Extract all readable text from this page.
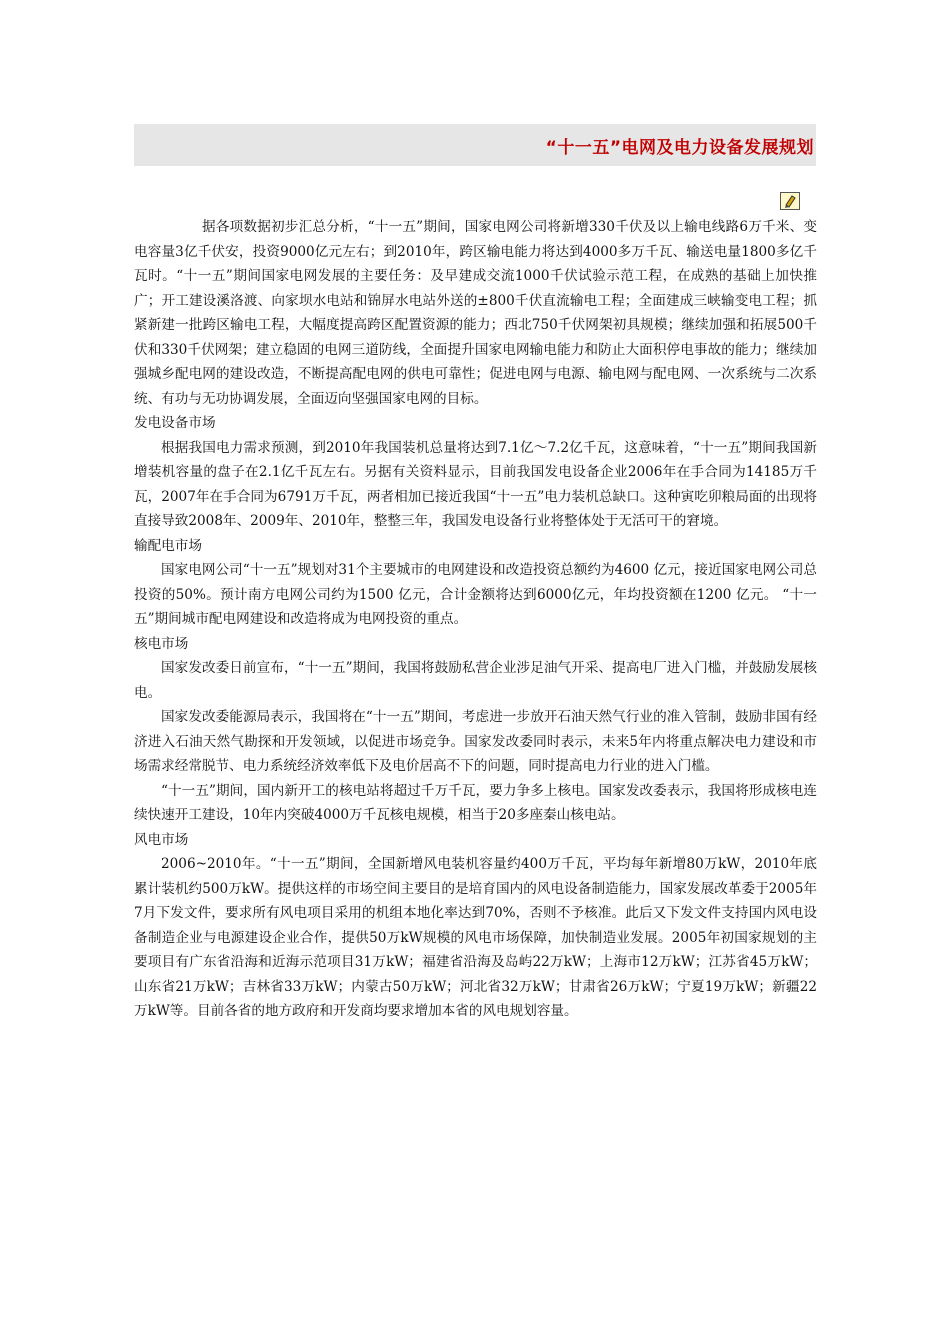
“十一五”电网及电力设备发展规划

据各项数据初步汇总分析，“十一五”期间，国家电网公司将新增330千伏及以上输电线路6万千米、变电容量3亿千伏安，投资9000亿元左右；到2010年，跨区输电能力将达到4000多万千瓦、输送电量1800多亿千瓦时。“十一五”期间国家电网发展的主要任务：及早建成交流1000千伏试验示范工程，在成熟的基础上加快推广；开工建设溪洛渡、向家坝水电站和锦屏水电站外送的±800千伏直流输电工程；全面建成三峡输变电工程；抓紧新建一批跨区输电工程，大幅度提高跨区配置资源的能力；西北750千伏网架初具规模；继续加强和拓展500千伏和330千伏网架；建立稳固的电网三道防线，全面提升国家电网输电能力和防止大面积停电事故的能力；继续加强城乡配电网的建设改造，不断提高配电网的供电可靠性；促进电网与电源、输电网与配电网、一次系统与二次系统、有功与无功协调发展，全面迈向坚强国家电网的目标。

发电设备市场

根据我国电力需求预测，到2010年我国装机总量将达到7.1亿～7.2亿千瓦，这意味着，“十一五”期间我国新增装机容量的盘子在2.1亿千瓦左右。另据有关资料显示，目前我国发电设备企业2006年在手合同为14185万千瓦，2007年在手合同为6791万千瓦，两者相加已接近我国“十一五”电力装机总缺口。这种寅吃卯粮局面的出现将直接导致2008年、2009年、2010年，整整三年，我国发电设备行业将整体处于无活可干的窘境。

输配电市场

国家电网公司“十一五”规划对31个主要城市的电网建设和改造投资总额约为4600 亿元，接近国家电网公司总投资的50%。预计南方电网公司约为1500 亿元，合计金额将达到6000亿元，年均投资额在1200 亿元。 “十一五”期间城市配电网建设和改造将成为电网投资的重点。

核电市场

国家发改委日前宣布，“十一五”期间，我国将鼓励私营企业涉足油气开采、提高电厂进入门槛，并鼓励发展核电。

国家发改委能源局表示，我国将在“十一五”期间，考虑进一步放开石油天然气行业的准入管制，鼓励非国有经济进入石油天然气勘探和开发领域，以促进市场竞争。国家发改委同时表示，未来5年内将重点解决电力建设和市场需求经常脱节、电力系统经济效率低下及电价居高不下的问题，同时提高电力行业的进入门槛。

“十一五”期间，国内新开工的核电站将超过千万千瓦，要力争多上核电。国家发改委表示，我国将形成核电连续快速开工建设，10年内突破4000万千瓦核电规模，相当于20多座秦山核电站。

风电市场

2006~2010年。“十一五”期间，全国新增风电装机容量约400万千瓦，平均每年新增80万kW，2010年底累计装机约500万kW。提供这样的市场空间主要目的是培育国内的风电设备制造能力，国家发展改革委于2005年7月下发文件，要求所有风电项目采用的机组本地化率达到70%，否则不予核准。此后又下发文件支持国内风电设备制造企业与电源建设企业合作，提供50万kW规模的风电市场保障，加快制造业发展。2005年初国家规划的主要项目有广东省沿海和近海示范项目31万kW；福建省沿海及岛屿22万kW；上海市12万kW；江苏省45万kW；山东省21万kW；吉林省33万kW；内蒙古50万kW；河北省32万kW；甘肃省26万kW；宁夏19万kW；新疆22万kW等。目前各省的地方政府和开发商均要求增加本省的风电规划容量。
